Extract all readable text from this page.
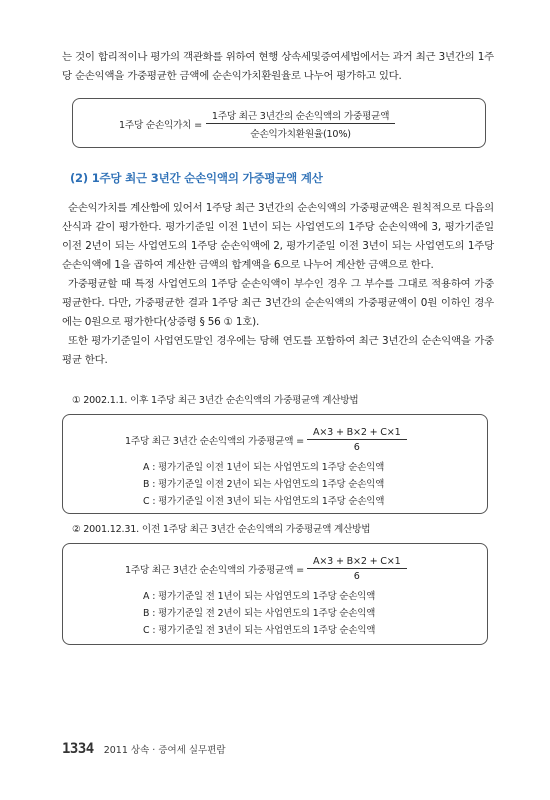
는 것이 합리적이나 평가의 객관화를 위하여 현행 상속세및증여세법에서는 과거 최근 3년간의 1주당 순손익액을 가중평균한 금액에 순손익가치환원율로 나누어 평가하고 있다.
1주당 순손익가치 = $\frac{\text{1주당 최근 3년간의 순손익액의 가중평균액}}{\text{순손익가치환원율(10\%)}}$
(2) 1주당 최근 3년간 순손익액의 가중평균액 계산
순손익가치를 계산함에 있어서 1주당 최근 3년간의 순손익액의 가중평균액은 원칙적으로 다음의 산식과 같이 평가한다. 평가기준일 이전 1년이 되는 사업연도의 1주당 순손익액에 3, 평가기준일 이전 2년이 되는 사업연도의 1주당 순손익액에 2, 평가기준일 이전 3년이 되는 사업연도의 1주당 순손익액에 1을 곱하여 계산한 금액의 합계액을 6으로 나누어 계산한 금액으로 한다.
가중평균할 때 특정 사업연도의 1주당 순손익액이 부수인 경우 그 부수를 그대로 적용하여 가중평균한다. 다만, 가중평균한 결과 1주당 최근 3년간의 순손익액의 가중평균액이 0원 이하인 경우에는 0원으로 평가한다(상증령 § 56 ① 1호).
또한 평가기준일이 사업연도말인 경우에는 당해 연도를 포함하여 최근 3년간의 순손익액을 가중평균 한다.
① 2002.1.1. 이후 1주당 최근 3년간 순손익액의 가중평균액 계산방법
1주당 최근 3년간 순손익액의 가중평균액 = $\frac{A\times 3 + B\times 2 + C\times 1}{6}$
A : 평가기준일 이전 1년이 되는 사업연도의 1주당 순손익액
B : 평가기준일 이전 2년이 되는 사업연도의 1주당 순손익액
C : 평가기준일 이전 3년이 되는 사업연도의 1주당 순손익액
② 2001.12.31. 이전 1주당 최근 3년간 순손익액의 가중평균액 계산방법
1주당 최근 3년간 순손익액의 가중평균액 = $\frac{A\times 3 + B\times 2 + C\times 1}{6}$
A : 평가기준일 전 1년이 되는 사업연도의 1주당 순손익액
B : 평가기준일 전 2년이 되는 사업연도의 1주당 순손익액
C : 평가기준일 전 3년이 되는 사업연도의 1주당 순손익액
1334 2011 상속 · 증여세 실무편람
